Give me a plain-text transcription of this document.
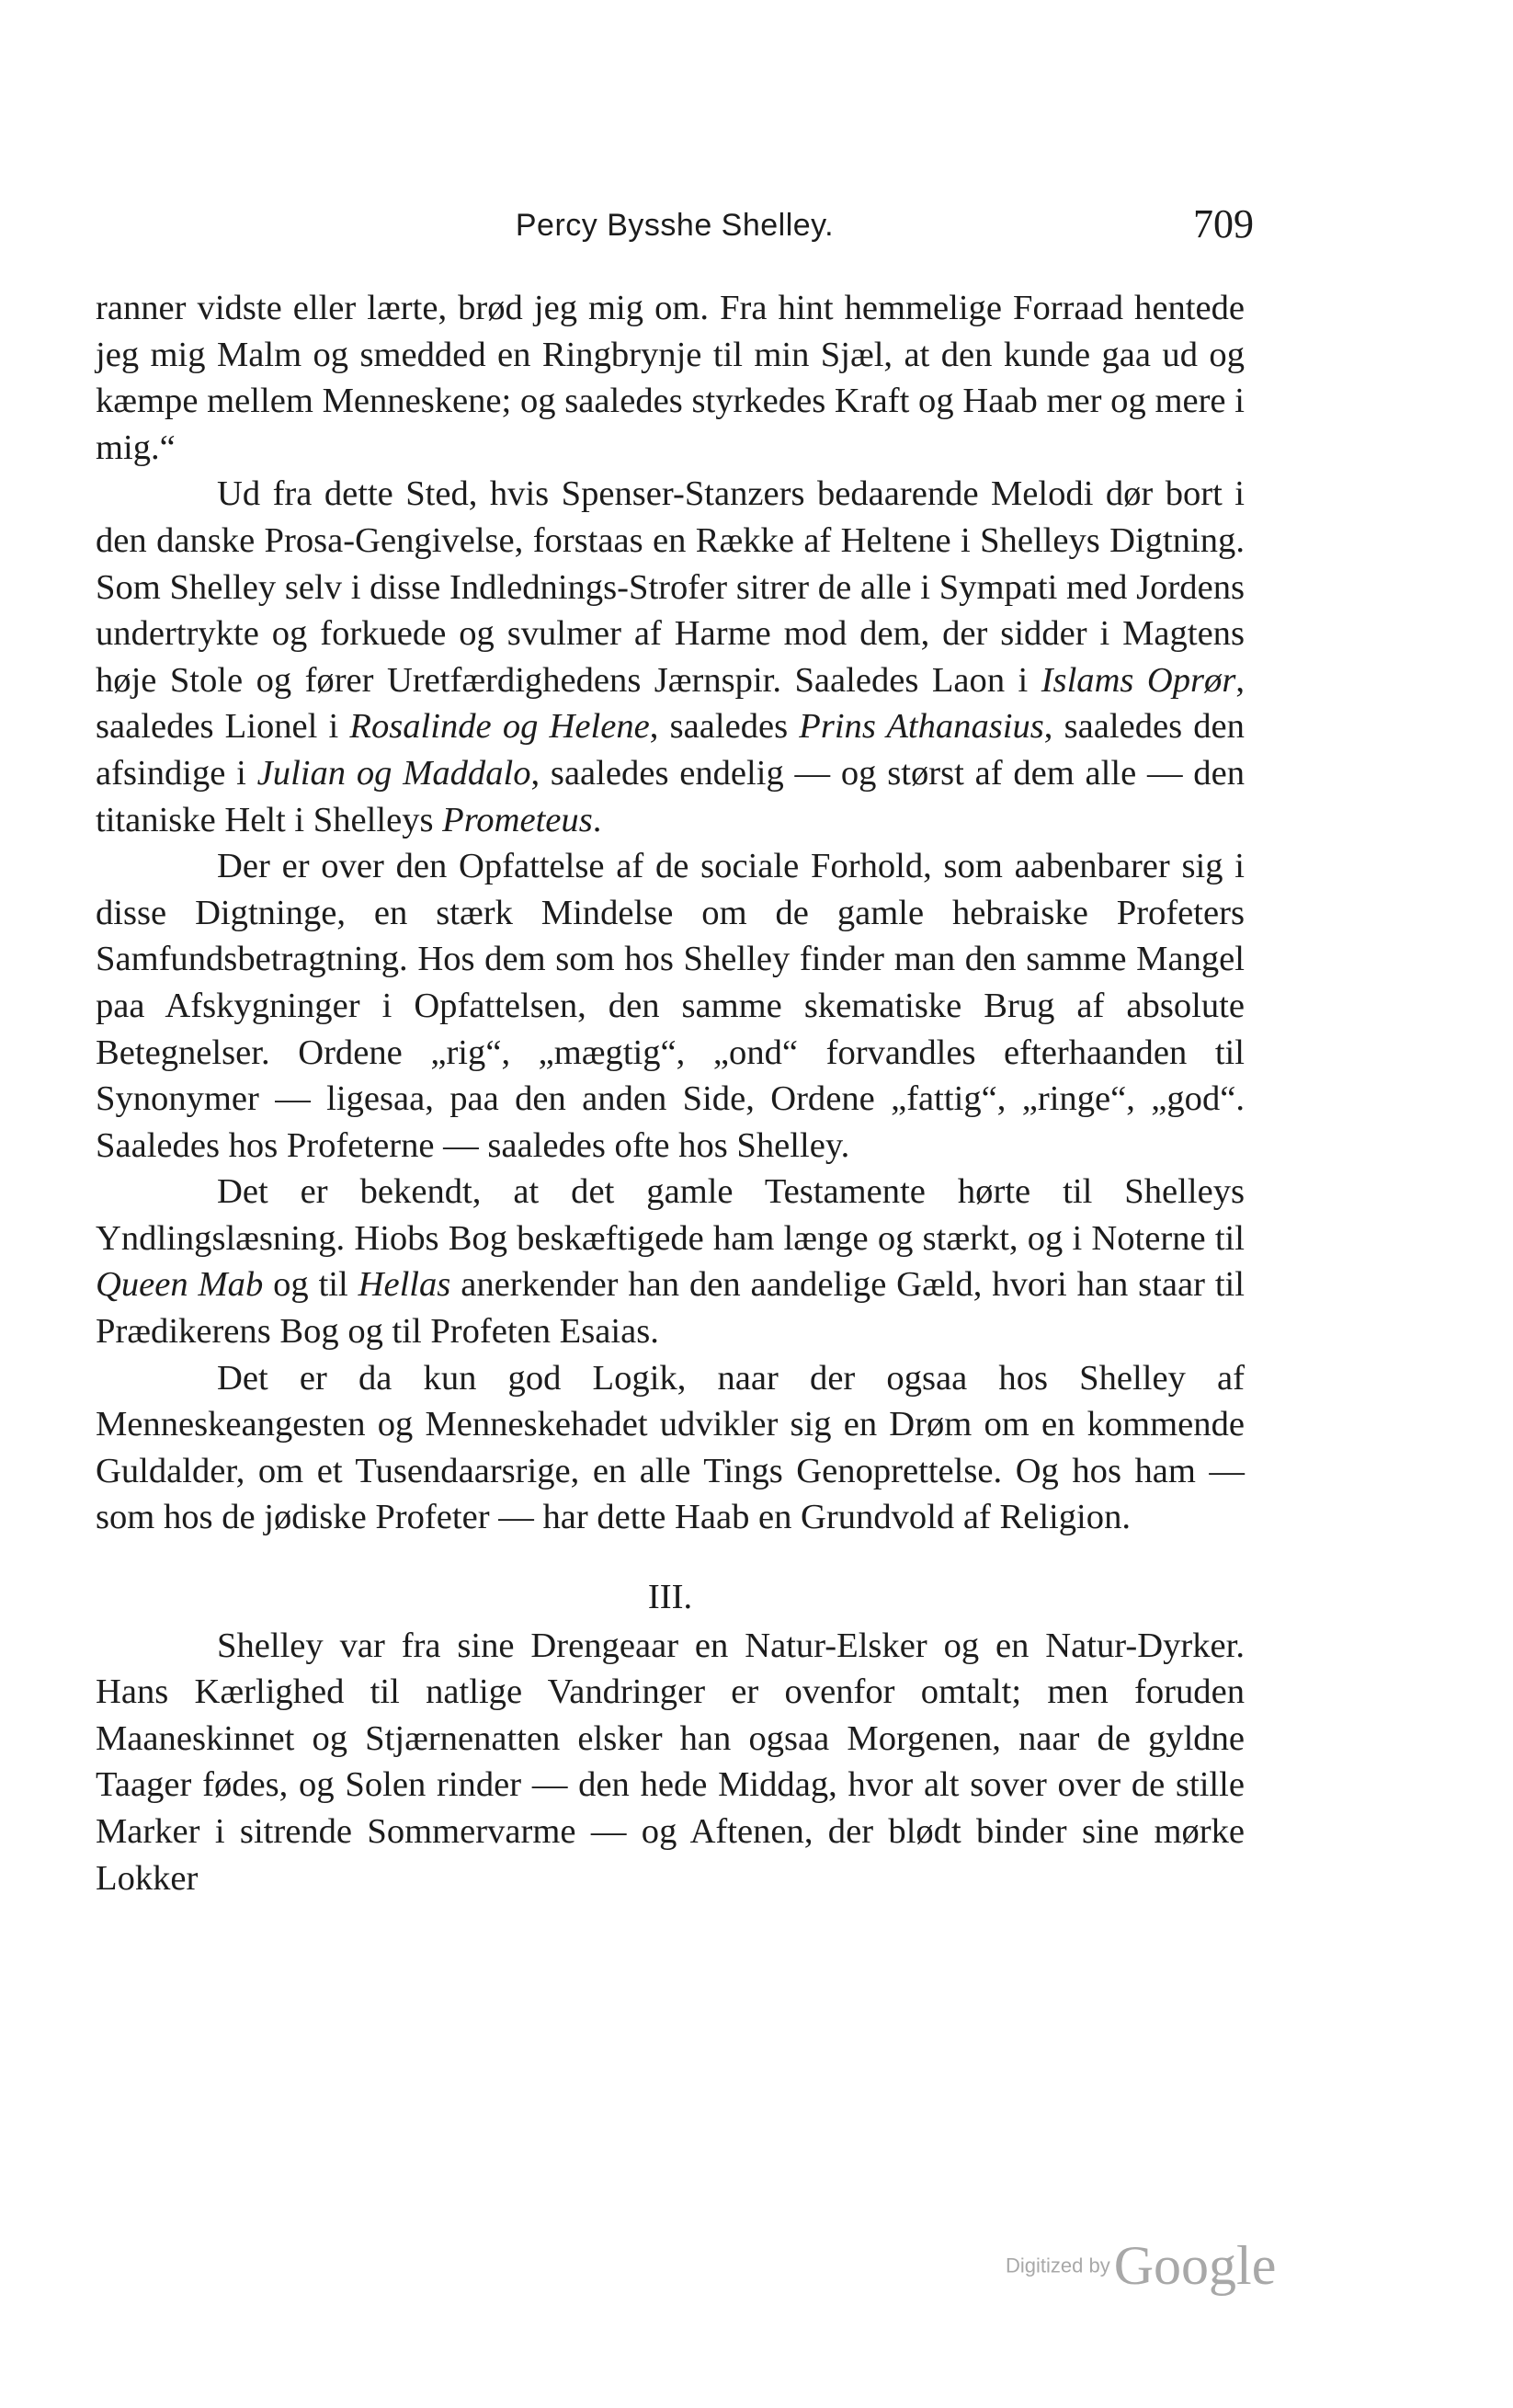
Percy Bysshe Shelley.	709

ranner vidste eller lærte, brød jeg mig om. Fra hint hemmelige Forraad hentede jeg mig Malm og smedded en Ringbrynje til min Sjæl, at den kunde gaa ud og kæmpe mellem Menneskene; og saaledes styrkedes Kraft og Haab mer og mere i mig.“

Ud fra dette Sted, hvis Spenser-Stanzers bedaarende Melodi dør bort i den danske Prosa-Gengivelse, forstaas en Række af Heltene i Shelleys Digtning. Som Shelley selv i disse Indlednings-Strofer sitrer de alle i Sympati med Jordens undertrykte og forkuede og svulmer af Harme mod dem, der sidder i Magtens høje Stole og fører Uretfærdighedens Jærnspir. Saaledes Laon i Islams Oprør, saaledes Lionel i Rosalinde og Helene, saaledes Prins Athanasius, saaledes den afsindige i Julian og Maddalo, saaledes endelig — og størst af dem alle — den titaniske Helt i Shelleys Prometeus.

Der er over den Opfattelse af de sociale Forhold, som aabenbarer sig i disse Digtninge, en stærk Mindelse om de gamle hebraiske Profeters Samfundsbetragtning. Hos dem som hos Shelley finder man den samme Mangel paa Afskygninger i Opfattelsen, den samme skematiske Brug af absolute Betegnelser. Ordene „rig“, „mægtig“, „ond“ forvandles efterhaanden til Synonymer — ligesaa, paa den anden Side, Ordene „fattig“, „ringe“, „god“. Saaledes hos Profeterne — saaledes ofte hos Shelley.

Det er bekendt, at det gamle Testamente hørte til Shelleys Yndlingslæsning. Hiobs Bog beskæftigede ham længe og stærkt, og i Noterne til Queen Mab og til Hellas anerkender han den aandelige Gæld, hvori han staar til Prædikerens Bog og til Profeten Esaias.

Det er da kun god Logik, naar der ogsaa hos Shelley af Menneskeangesten og Menneskehadet udvikler sig en Drøm om en kommende Guldalder, om et Tusendaarsrige, en alle Tings Genoprettelse. Og hos ham — som hos de jødiske Profeter — har dette Haab en Grundvold af Religion.

III.

Shelley var fra sine Drengeaar en Natur-Elsker og en Natur-Dyrker. Hans Kærlighed til natlige Vandringer er ovenfor omtalt; men foruden Maaneskinnet og Stjærnenatten elsker han ogsaa Morgenen, naar de gyldne Taager fødes, og Solen rinder — den hede Middag, hvor alt sover over de stille Marker i sitrende Sommervarme — og Aftenen, der blødt binder sine mørke Lokker

Digitized by Google
